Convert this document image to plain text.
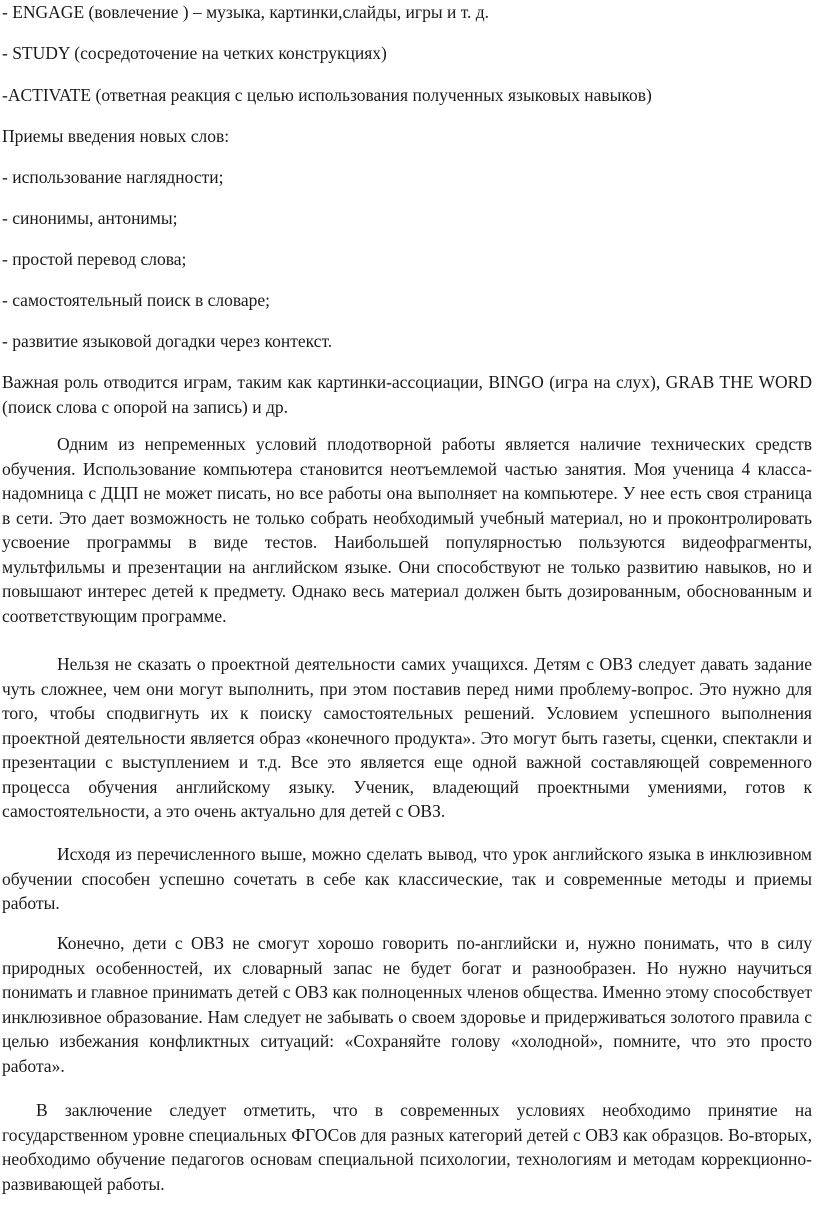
- ENGAGE (вовлечение ) – музыка, картинки,слайды, игры и т. д.
- STUDY (сосредоточение на четких конструкциях)
-ACTIVATE (ответная реакция с целью использования полученных языковых навыков)
Приемы введения новых слов:
- использование наглядности;
- синонимы, антонимы;
- простой перевод слова;
- самостоятельный поиск в словаре;
- развитие языковой догадки через контекст.

Важная роль отводится играм, таким как картинки-ассоциации, BINGO (игра на слух), GRAB THE WORD (поиск слова с опорой на запись) и др.

Одним из непременных условий плодотворной работы является наличие технических средств обучения. Использование компьютера становится неотъемлемой частью занятия. Моя ученица 4 класса-надомница с ДЦП не может писать, но все работы она выполняет на компьютере. У нее есть своя страница в сети. Это дает возможность не только собрать необходимый учебный материал, но и проконтролировать усвоение программы в виде тестов. Наибольшей популярностью пользуются видеофрагменты, мультфильмы и презентации на английском языке. Они способствуют не только развитию навыков, но и повышают интерес детей к предмету. Однако весь материал должен быть дозированным, обоснованным и соответствующим программе.

Нельзя не сказать о проектной деятельности самих учащихся. Детям с ОВЗ следует давать задание чуть сложнее, чем они могут выполнить, при этом поставив перед ними проблему-вопрос. Это нужно для того, чтобы сподвигнуть их к поиску самостоятельных решений. Условием успешного выполнения проектной деятельности является образ «конечного продукта». Это могут быть газеты, сценки, спектакли и презентации с выступлением и т.д. Все это является еще одной важной составляющей современного процесса обучения английскому языку. Ученик, владеющий проектными умениями, готов к самостоятельности, а это очень актуально для детей с ОВЗ.

Исходя из перечисленного выше, можно сделать вывод, что урок английского языка в инклюзивном обучении способен успешно сочетать в себе как классические, так и современные методы и приемы работы.

Конечно, дети с ОВЗ не смогут хорошо говорить по-английски и, нужно понимать, что в силу природных особенностей, их словарный запас не будет богат и разнообразен. Но нужно научиться понимать и главное принимать детей с ОВЗ как полноценных членов общества. Именно этому способствует инклюзивное образование. Нам следует не забывать о своем здоровье и придерживаться золотого правила с целью избежания конфликтных ситуаций: «Сохраняйте голову «холодной», помните, что это просто работа».

В заключение следует отметить, что в современных условиях необходимо принятие на государственном уровне специальных ФГОСов для разных категорий детей с ОВЗ как образцов. Во-вторых, необходимо обучение педагогов основам специальной психологии, технологиям и методам коррекционно-развивающей работы.
